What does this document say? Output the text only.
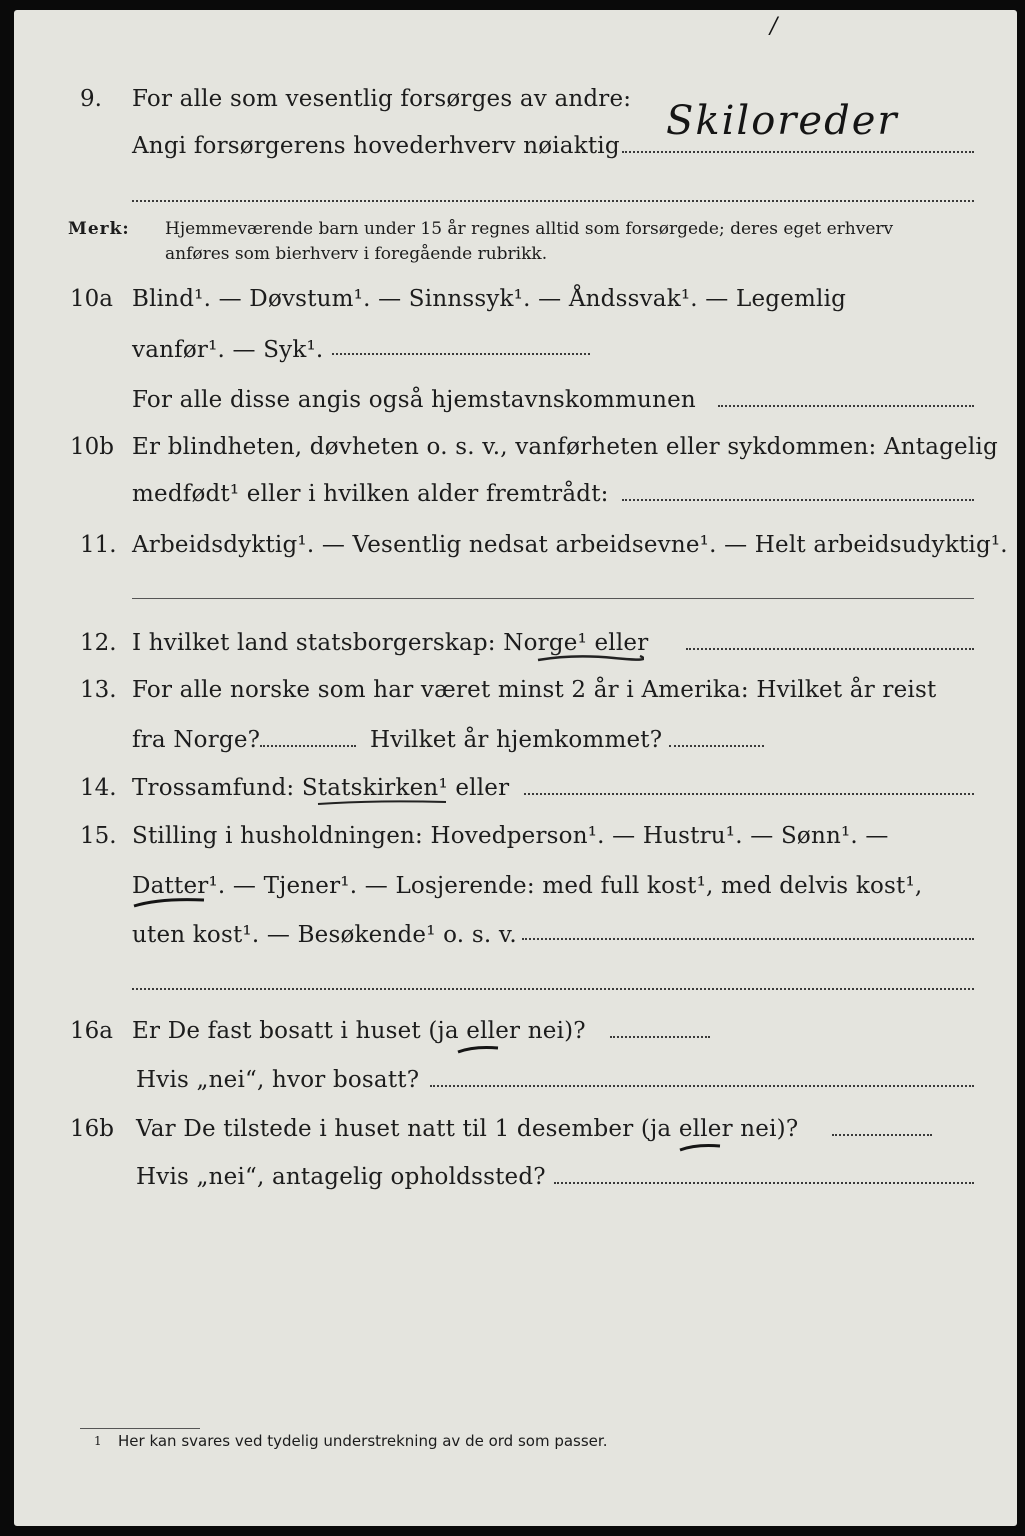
/
9. For alle som vesentlig forsørges av andre:
Angi forsørgerens hovederhverv nøiaktig
Skiloreder
Merk: Hjemmeværende barn under 15 år regnes alltid som forsørgede; deres eget erhverv
anføres som bierhverv i foregående rubrikk.
10a Blind¹. — Døvstum¹. — Sinnssyk¹. — Åndssvak¹. — Legemlig
vanfør¹. — Syk¹.
For alle disse angis også hjemstavnskommunen
10b Er blindheten, døvheten o. s. v., vanførheten eller sykdommen: Antagelig
medfødt¹ eller i hvilken alder fremtrådt:
11. Arbeidsdyktig¹. — Vesentlig nedsat arbeidsevne¹. — Helt arbeidsudyktig¹.
12. I hvilket land statsborgerskap: Norge¹ eller
13. For alle norske som har været minst 2 år i Amerika: Hvilket år reist
fra Norge?	Hvilket år hjemkommet?
14. Trossamfund: Statskirken¹ eller
15. Stilling i husholdningen: Hovedperson¹. — Hustru¹. — Sønn¹. —
Datter¹. — Tjener¹. — Losjerende: med full kost¹, med delvis kost¹,
uten kost¹. — Besøkende¹ o. s. v.
16a Er De fast bosatt i huset (ja eller nei)?
Hvis „nei“, hvor bosatt?
16b Var De tilstede i huset natt til 1 desember (ja eller nei)?
Hvis „nei“, antagelig opholdssted?
1 Her kan svares ved tydelig understrekning av de ord som passer.
